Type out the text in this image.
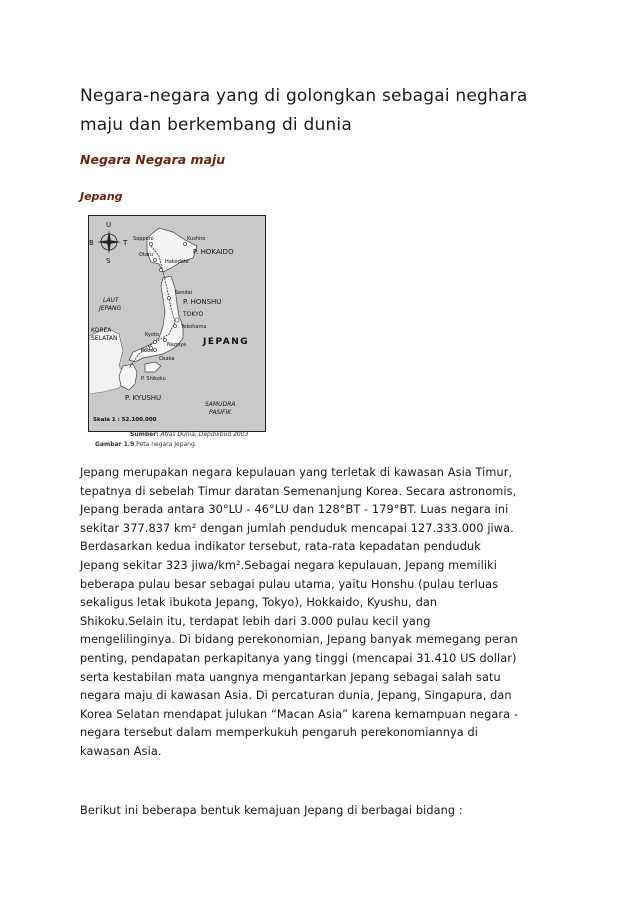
Negara-negara yang di golongkan sebagai neghara
maju dan berkembang di dunia
Negara Negara maju
Jepang
U
S
T
B	Sapporo	Kushiro
P. HOKAIDO
Otaru
Hakodate
LAUT
JEPANG
Sendai
P. HONSHU
TOKYO
Yokohama
KOREA
SELATAN	Kyoto
Nagoya
Kobe
Osaka
P. Shikoku
JEPANG
P. KYUSHU
SAMUDRA
PASIFIK
Skala 1 : 52.100.000
Sumber: Atlas Dunia, Depdikbud 2003
Gambar 1.9 Peta negara Jepang.

Jepang merupakan negara kepulauan yang terletak di kawasan Asia Timur,
tepatnya di sebelah Timur daratan Semenanjung Korea. Secara astronomis,
Jepang berada antara 30°LU - 46°LU dan 128°BT - 179°BT. Luas negara ini
sekitar 377.837 km² dengan jumlah penduduk mencapai 127.333.000 jiwa.
Berdasarkan kedua indikator tersebut, rata-rata kepadatan penduduk
Jepang sekitar 323 jiwa/km².Sebagai negara kepulauan, Jepang memiliki
beberapa pulau besar sebagai pulau utama, yaitu Honshu (pulau terluas
sekaligus letak ibukota Jepang, Tokyo), Hokkaido, Kyushu, dan
Shikoku.Selain itu, terdapat lebih dari 3.000 pulau kecil yang
mengelilinginya. Di bidang perekonomian, Jepang banyak memegang peran
penting, pendapatan perkapitanya yang tinggi (mencapai 31.410 US dollar)
serta kestabilan mata uangnya mengantarkan Jepang sebagai salah satu
negara maju di kawasan Asia. Di percaturan dunia, Jepang, Singapura, dan
Korea Selatan mendapat julukan “Macan Asia” karena kemampuan negara -
negara tersebut dalam memperkukuh pengaruh perekonomiannya di
kawasan Asia.

Berikut ini beberapa bentuk kemajuan Jepang di berbagai bidang :
